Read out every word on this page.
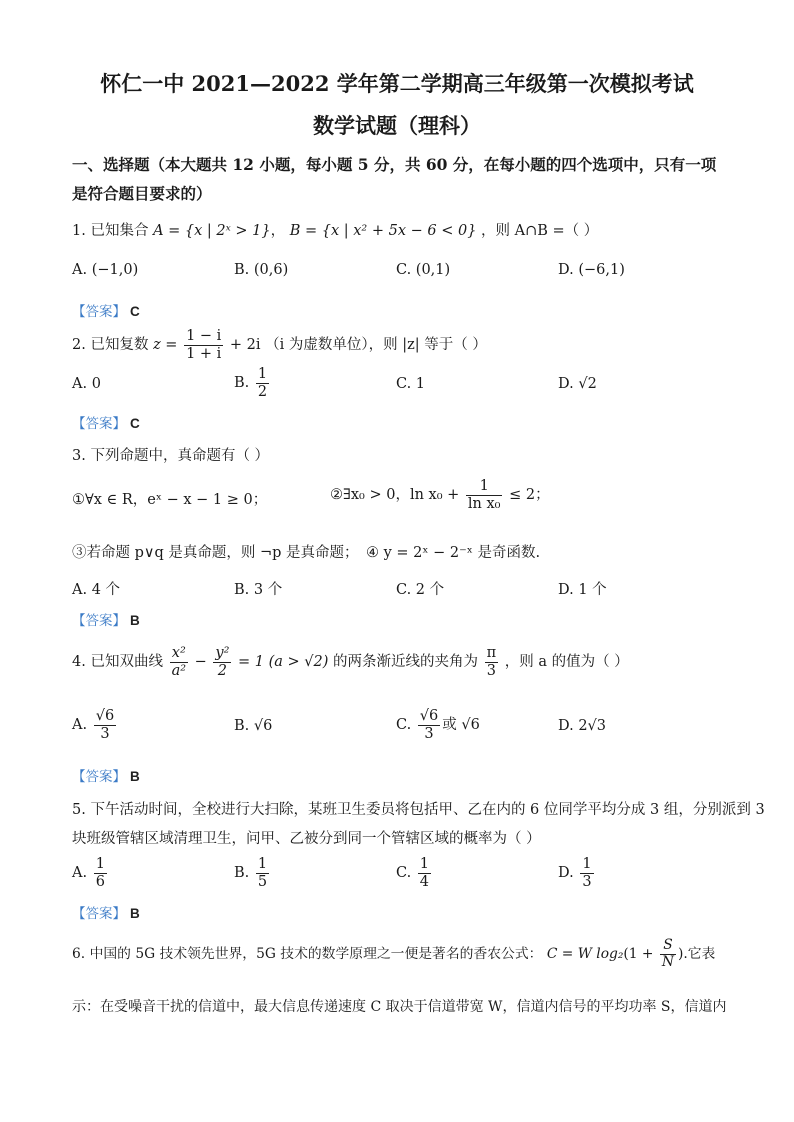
怀仁一中 2021—2022 学年第二学期高三年级第一次模拟考试
数学试题（理科）
一、选择题（本大题共 12 小题，每小题 5 分，共 60 分，在每小题的四个选项中，只有一项
是符合题目要求的）
1. 已知集合 A = {x | 2ˣ > 1}， B = {x | x² + 5x − 6 < 0} ，则 A∩B =（ ）
A. (−1,0)	B. (0,6)	C. (0,1)	D. (−6,1)
【答案】 C
2. 已知复数 $z = \frac{1 - i}{1 + i} + 2i$ （i 为虚数单位），则 |z| 等于（ ）
A. 0	B. $\frac{1}{2}$	C. 1	D. √2
【答案】 C
3. 下列命题中，真命题有（ ）
①∀x ∈ R，eˣ − x − 1 ≥ 0；	②∃x₀ > 0，$\ln x_0 + \frac{1}{\text{ln x₀}} \le 2$；
③若命题 p∨q 是真命题，则 ¬p 是真命题； ④ y = 2ˣ − 2⁻ˣ 是奇函数.
A. 4 个	B. 3 个	C. 2 个	D. 1 个
【答案】 B
4. 已知双曲线 $\frac{\text{x²}}{\text{a²}} - \frac{\text{y²}}{2} = 1$ (a > √2) 的两条渐近线的夹角为 $\frac{\pi}{3}$ ，则 a 的值为（ ）
A. $\frac{√6}{3}$	B. √6	C. $\frac{√6}{3}$ 或 √6	D. 2√3
【答案】 B
5. 下午活动时间，全校进行大扫除，某班卫生委员将包括甲、乙在内的 6 位同学平均分成 3 组，分别派到 3
块班级管辖区域清理卫生，问甲、乙被分到同一个管辖区域的概率为（ ）
A. $\frac{1}{6}$	B. $\frac{1}{5}$	C. $\frac{1}{4}$	D. $\frac{1}{3}$
【答案】 B
6. 中国的 5G 技术领先世界，5G 技术的数学原理之一便是著名的香农公式： C = W $\log_2(1 + \frac{S}{N}$ ).它表
示：在受噪音干扰的信道中，最大信息传递速度 C 取决于信道带宽 W，信道内信号的平均功率 S，信道内
